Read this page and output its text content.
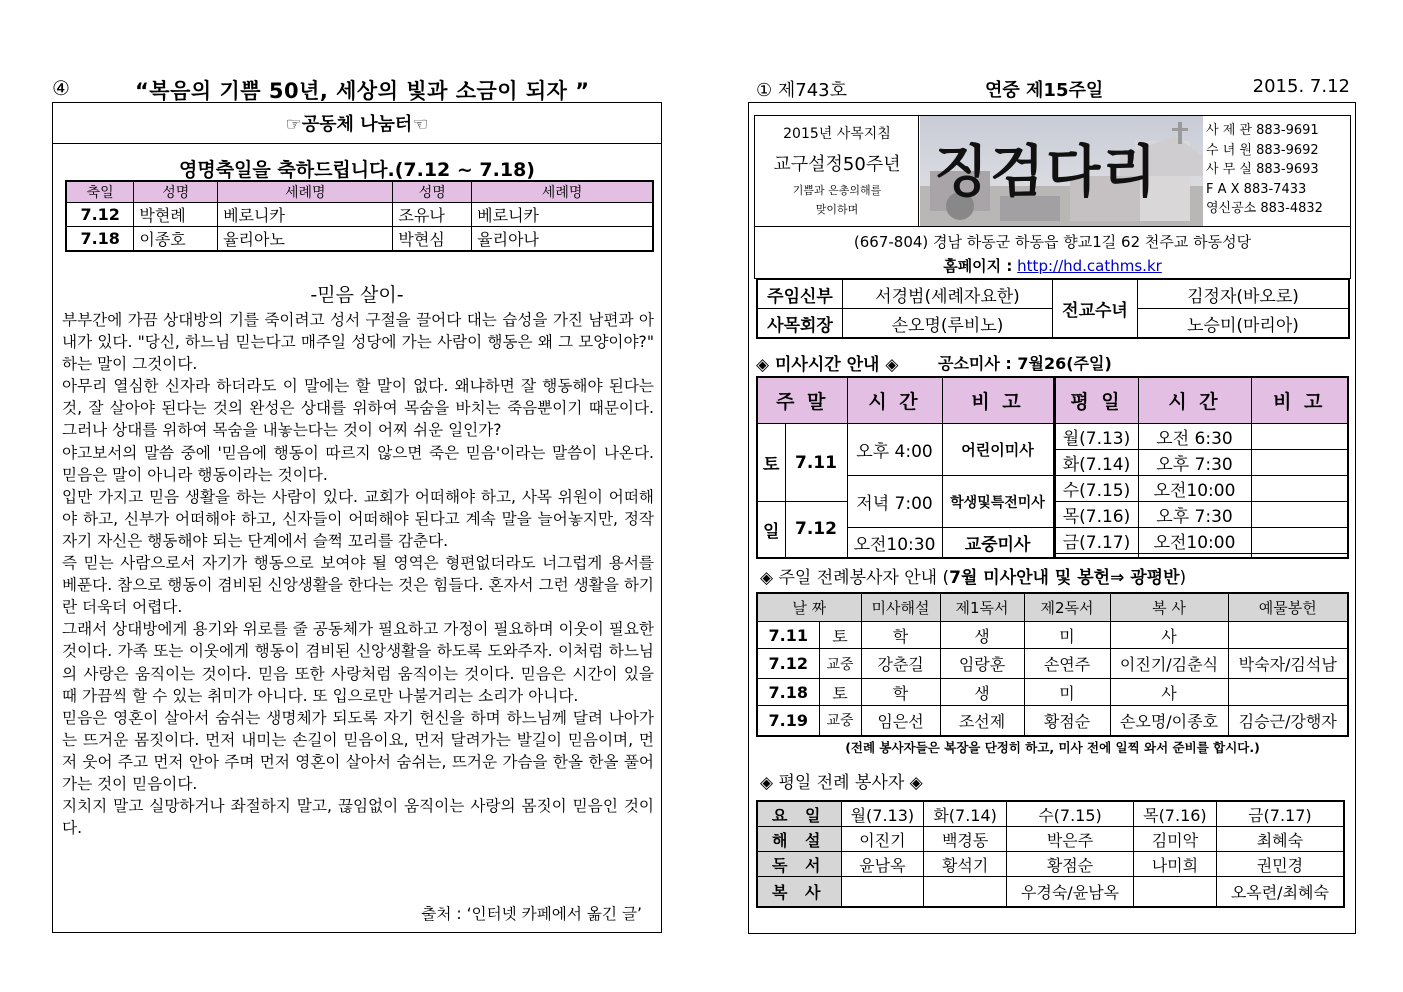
④	“복음의 기쁨 50년, 세상의 빛과 소금이 되자 ”
☞공동체 나눔터☜
영명축일을 축하드립니다.(7.12 ~ 7.18)
축일	성명	세례명	성명	세례명
7.12	박현례	베로니카	조유나	베로니카
7.18	이종호	율리아노	박현심	율리아나
-믿음 살이-

부부간에 가끔 상대방의 기를 죽이려고 성서 구절을 끌어다 대는 습성을 가진 남편과 아내가 있다. "당신, 하느님 믿는다고 매주일 성당에 가는 사람이 행동은 왜 그 모양이야?" 하는 말이 그것이다.

아무리 열심한 신자라 하더라도 이 말에는 할 말이 없다. 왜냐하면 잘 행동해야 된다는 것, 잘 살아야 된다는 것의 완성은 상대를 위하여 목숨을 바치는 죽음뿐이기 때문이다. 그러나 상대를 위하여 목숨을 내놓는다는 것이 어찌 쉬운 일인가?

야고보서의 말씀 중에 '믿음에 행동이 따르지 않으면 죽은 믿음'이라는 말씀이 나온다. 믿음은 말이 아니라 행동이라는 것이다.

입만 가지고 믿음 생활을 하는 사람이 있다. 교회가 어떠해야 하고, 사목 위원이 어떠해야 하고, 신부가 어떠해야 하고, 신자들이 어떠해야 된다고 계속 말을 늘어놓지만, 정작 자기 자신은 행동해야 되는 단계에서 슬쩍 꼬리를 감춘다.

즉 믿는 사람으로서 자기가 행동으로 보여야 될 영역은 형편없더라도 너그럽게 용서를 베푼다. 참으로 행동이 겸비된 신앙생활을 한다는 것은 힘들다. 혼자서 그런 생활을 하기란 더욱더 어렵다.

그래서 상대방에게 용기와 위로를 줄 공동체가 필요하고 가정이 필요하며 이웃이 필요한 것이다. 가족 또는 이웃에게 행동이 겸비된 신앙생활을 하도록 도와주자. 이처럼 하느님의 사랑은 움직이는 것이다. 믿음 또한 사랑처럼 움직이는 것이다. 믿음은 시간이 있을 때 가끔씩 할 수 있는 취미가 아니다. 또 입으로만 나불거리는 소리가 아니다.

믿음은 영혼이 살아서 숨쉬는 생명체가 되도록 자기 헌신을 하며 하느님께 달려 나아가는 뜨거운 몸짓이다. 먼저 내미는 손길이 믿음이요, 먼저 달려가는 발길이 믿음이며, 먼저 웃어 주고 먼저 안아 주며 먼저 영혼이 살아서 숨쉬는, 뜨거운 가슴을 한올 한올 풀어 가는 것이 믿음이다.

지치지 말고 실망하거나 좌절하지 말고, 끊임없이 움직이는 사랑의 몸짓이 믿음인 것이다.

출처 : ‘인터넷 카페에서 옮긴 글’
① 제743호	연중 제15주일	2015. 7.12
2015년 사목지침
교구설정50주년
기쁨과 은총의해를
맞이하며
징검다리
사 제 관 883-9691
수 녀 원 883-9692
사 무 실 883-9693
F A X 883-7433
영신공소 883-4832
(667-804) 경남 하동군 하동읍 향교1길 62 천주교 하동성당
홈페이지 : http://hd.cathms.kr
주임신부	서경범(세례자요한)	전교수녀	김정자(바오로)
사목회장	손오명(루비노)		노승미(마리아)
◈ 미사시간 안내 ◈ 공소미사 : 7월26(주일)
주 말		시 간	비 고	평 일	시 간	비 고
토	7.11	오후 4:00	어린이미사	월(7.13)	오전 6:30	
				화(7.14)	오후 7:30	
		저녁 7:00	학생및특전미사	수(7.15)	오전10:00	
일	7.12			목(7.16)	오후 7:30	
		오전10:30	교중미사	금(7.17)	오전10:00	

◈ 주일 전례봉사자 안내 (7월 미사안내 및 봉헌⇒ 광평반)
날 짜		미사해설	제1독서	제2독서	복 사	예물봉헌
7.11	토	학	생	미	사	
7.12	교중	강춘길	임랑훈	손연주	이진기/김춘식	박숙자/김석남
7.18	토	학	생	미	사	
7.19	교중	임은선	조선제	황점순	손오명/이종호	김승근/강행자
(전례 봉사자들은 복장을 단정히 하고, 미사 전에 일찍 와서 준비를 합시다.)
◈ 평일 전례 봉사자 ◈
요 일	월(7.13)	화(7.14)	수(7.15)	목(7.16)	금(7.17)
해 설	이진기	백경동	박은주	김미악	최혜숙
독 서	윤남옥	황석기	황점순	나미희	권민경
복 사			우경숙/윤남옥		오옥련/최혜숙
